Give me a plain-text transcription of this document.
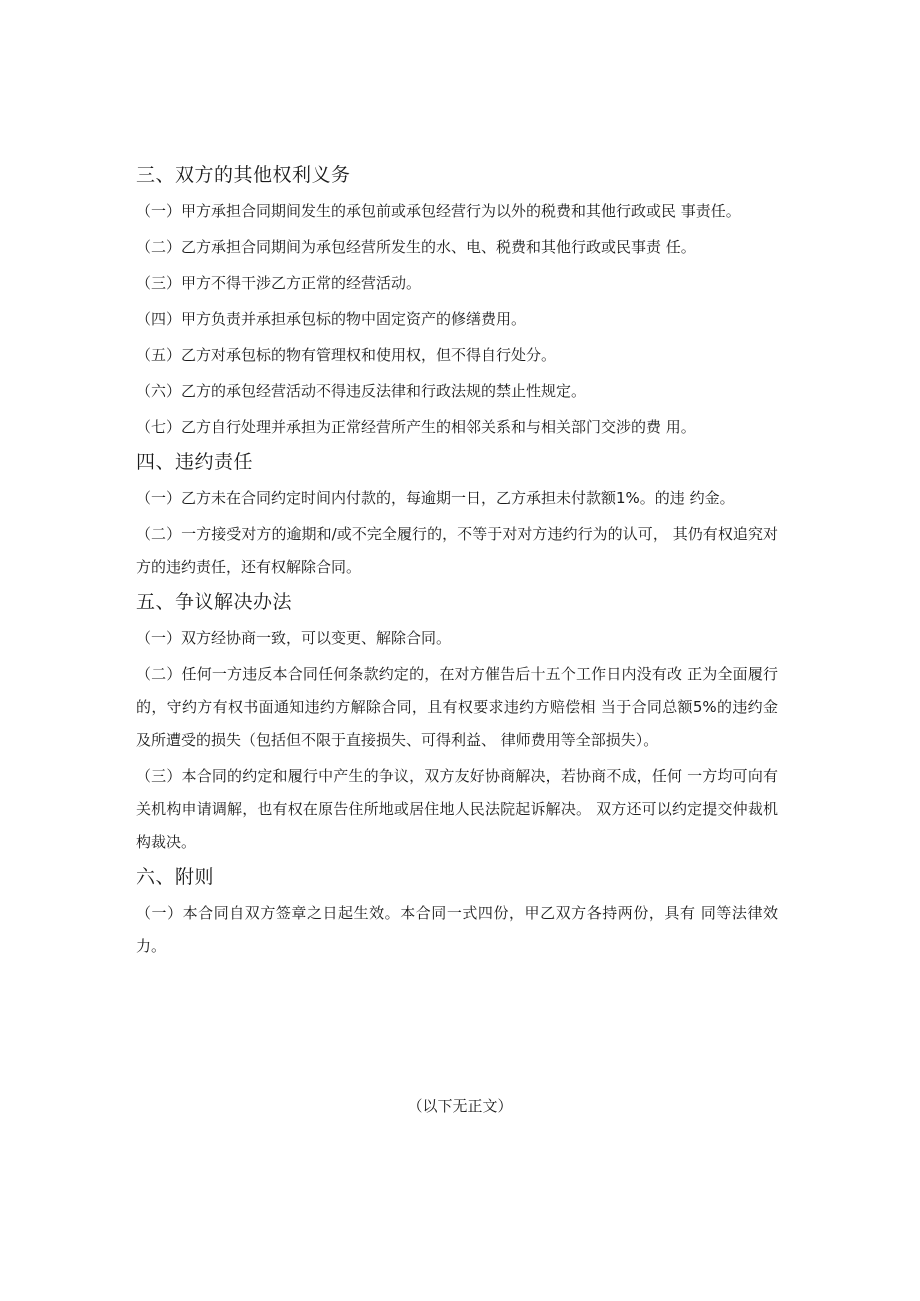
三、双方的其他权利义务

（一）甲方承担合同期间发生的承包前或承包经营行为以外的税费和其他行政或民 事责任。

（二）乙方承担合同期间为承包经营所发生的水、电、税费和其他行政或民事责 任。

（三）甲方不得干涉乙方正常的经营活动。

（四）甲方负责并承担承包标的物中固定资产的修缮费用。

（五）乙方对承包标的物有管理权和使用权，但不得自行处分。

（六）乙方的承包经营活动不得违反法律和行政法规的禁止性规定。

（七）乙方自行处理并承担为正常经营所产生的相邻关系和与相关部门交涉的费 用。

四、违约责任

（一）乙方未在合同约定时间内付款的，每逾期一日，乙方承担未付款额1%。的违 约金。

（二）一方接受对方的逾期和/或不完全履行的，不等于对对方违约行为的认可， 其仍有权追究对方的违约责任，还有权解除合同。

五、争议解决办法

（一）双方经协商一致，可以变更、解除合同。

（二）任何一方违反本合同任何条款约定的，在对方催告后十五个工作日内没有改 正为全面履行的，守约方有权书面通知违约方解除合同，且有权要求违约方赔偿相 当于合同总额5%的违约金及所遭受的损失（包括但不限于直接损失、可得利益、 律师费用等全部损失）。

（三）本合同的约定和履行中产生的争议，双方友好协商解决，若协商不成，任何 一方均可向有关机构申请调解，也有权在原告住所地或居住地人民法院起诉解决。 双方还可以约定提交仲裁机构裁决。

六、附则

（一）本合同自双方签章之日起生效。本合同一式四份，甲乙双方各持两份，具有 同等法律效力。

（以下无正文）
